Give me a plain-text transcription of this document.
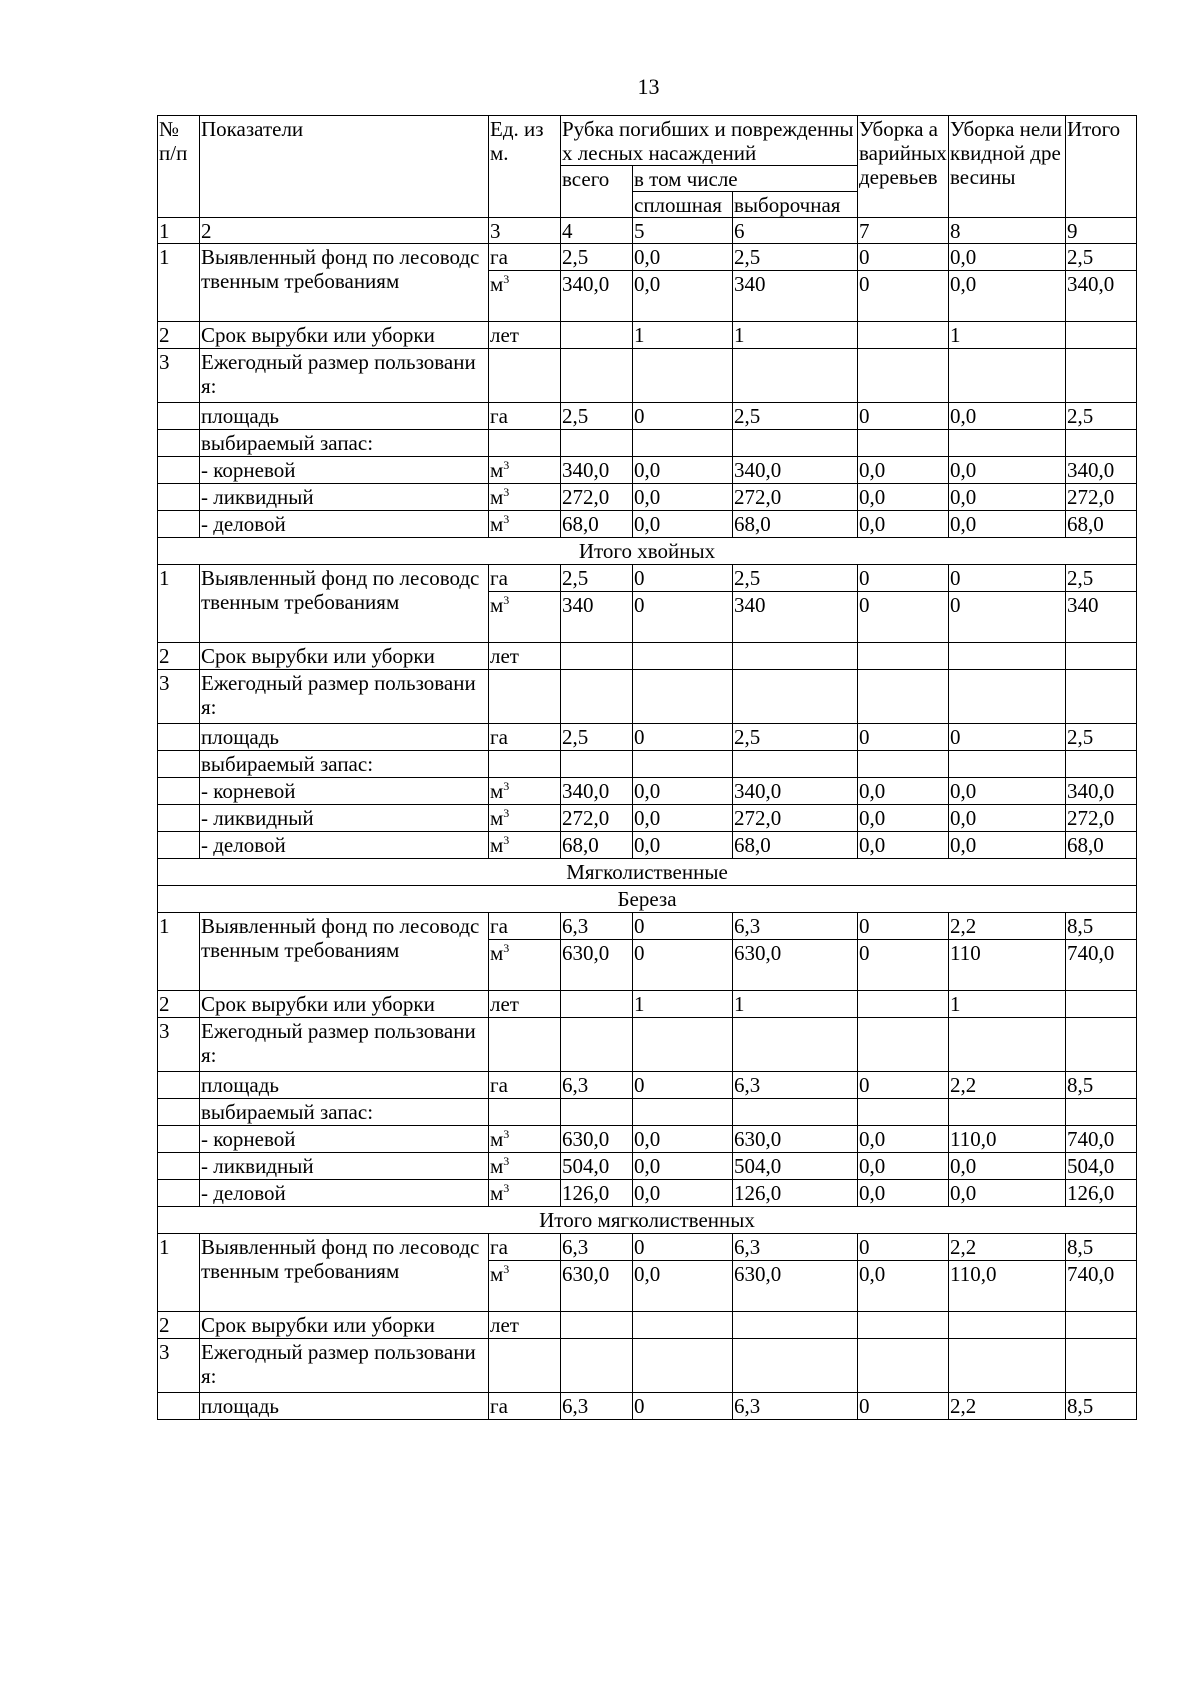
13
№ п/п	Показатели	Ед. изм.	Рубка погибших и поврежденных лесных насаждений			Уборка аварийных деревьев	Уборка неликвидной древесины	Итого
			всего	в том числе				
				сплошная	выборочная			
1	2	3	4	5	6	7	8	9
1	Выявленный фонд по лесоводственным требованиям	га	2,5	0,0	2,5	0	0,0	2,5
		$м^3$	340,0	0,0	340	0	0,0	340,0
2	Срок вырубки или уборки	лет		1	1		1	
3	Ежегодный размер пользования:							
	площадь	га	2,5	0	2,5	0	0,0	2,5
	выбираемый запас:							
	- корневой	$м^3$	340,0	0,0	340,0	0,0	0,0	340,0
	- ликвидный	$м^3$	272,0	0,0	272,0	0,0	0,0	272,0
	- деловой	$м^3$	68,0	0,0	68,0	0,0	0,0	68,0
Итого хвойных								
1	Выявленный фонд по лесоводственным требованиям	га	2,5	0	2,5	0	0	2,5
		$м^3$	340	0	340	0	0	340
2	Срок вырубки или уборки	лет						
3	Ежегодный размер пользования:							
	площадь	га	2,5	0	2,5	0	0	2,5
	выбираемый запас:							
	- корневой	$м^3$	340,0	0,0	340,0	0,0	0,0	340,0
	- ликвидный	$м^3$	272,0	0,0	272,0	0,0	0,0	272,0
	- деловой	$м^3$	68,0	0,0	68,0	0,0	0,0	68,0
Мягколиственные								
Береза								
1	Выявленный фонд по лесоводственным требованиям	га	6,3	0	6,3	0	2,2	8,5
		$м^3$	630,0	0	630,0	0	110	740,0
2	Срок вырубки или уборки	лет		1	1		1	
3	Ежегодный размер пользования:							
	площадь	га	6,3	0	6,3	0	2,2	8,5
	выбираемый запас:							
	- корневой	$м^3$	630,0	0,0	630,0	0,0	110,0	740,0
	- ликвидный	$м^3$	504,0	0,0	504,0	0,0	0,0	504,0
	- деловой	$м^3$	126,0	0,0	126,0	0,0	0,0	126,0
Итого мягколиственных								
1	Выявленный фонд по лесоводственным требованиям	га	6,3	0	6,3	0	2,2	8,5
		$м^3$	630,0	0,0	630,0	0,0	110,0	740,0
2	Срок вырубки или уборки	лет						
3	Ежегодный размер пользования:							
	площадь	га	6,3	0	6,3	0	2,2	8,5
